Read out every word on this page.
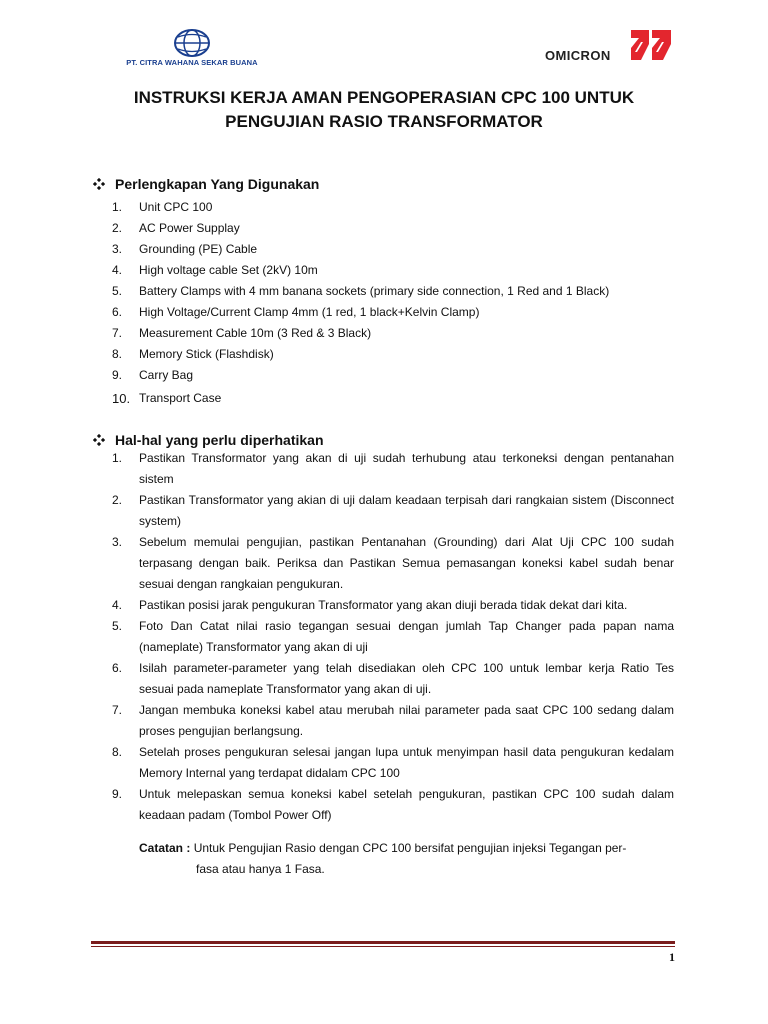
PT. CITRA WAHANA SEKAR BUANA	OMICRON
INSTRUKSI KERJA AMAN PENGOPERASIAN CPC 100 UNTUK
PENGUJIAN RASIO TRANSFORMATOR
Perlengkapan Yang Digunakan
1.	Unit CPC 100
2.	AC Power Supplay
3.	Grounding (PE) Cable
4.	High voltage cable Set (2kV) 10m
5.	Battery Clamps with 4 mm banana sockets (primary side connection, 1 Red and 1 Black)
6.	High Voltage/Current Clamp 4mm (1 red, 1 black+Kelvin Clamp)
7.	Measurement Cable 10m (3 Red & 3 Black)
8.	Memory Stick (Flashdisk)
9.	Carry Bag
10. Transport Case
Hal-hal yang perlu diperhatikan
1.	Pastikan Transformator yang akan di uji sudah terhubung atau terkoneksi dengan pentanahan sistem
2.	Pastikan Transformator yang akian di uji dalam keadaan terpisah dari rangkaian sistem (Disconnect system)
3.	Sebelum memulai pengujian, pastikan Pentanahan (Grounding) dari Alat Uji CPC 100 sudah terpasang dengan baik. Periksa dan Pastikan Semua pemasangan koneksi kabel sudah benar sesuai dengan rangkaian pengukuran.
4.	Pastikan posisi jarak pengukuran Transformator yang akan diuji berada tidak dekat dari kita.
5.	Foto Dan Catat nilai rasio tegangan sesuai dengan jumlah Tap Changer pada papan nama (nameplate) Transformator yang akan di uji
6.	Isilah parameter-parameter yang telah disediakan oleh CPC 100 untuk lembar kerja Ratio Tes sesuai pada nameplate Transformator yang akan di uji.
7.	Jangan membuka koneksi kabel atau merubah nilai parameter pada saat CPC 100 sedang dalam proses pengujian berlangsung.
8.	Setelah proses pengukuran selesai jangan lupa untuk menyimpan hasil data pengukuran kedalam Memory Internal yang terdapat didalam CPC 100
9.	Untuk melepaskan semua koneksi kabel setelah pengukuran, pastikan CPC 100 sudah dalam keadaan padam (Tombol Power Off)
Catatan : Untuk Pengujian Rasio dengan CPC 100 bersifat pengujian injeksi Tegangan per-
fasa atau hanya 1 Fasa.
1
